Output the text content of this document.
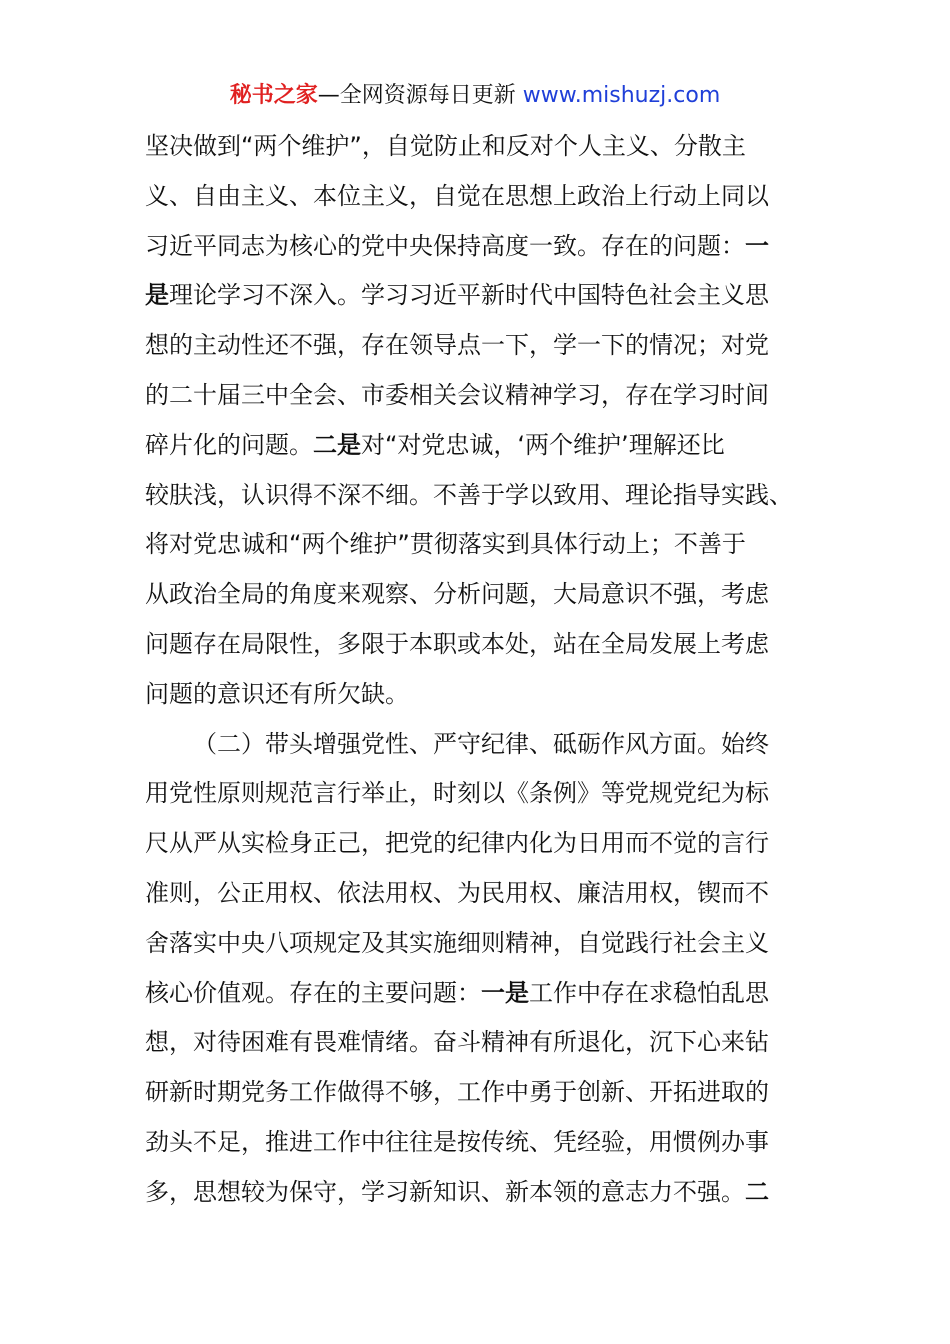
秘书之家—全网资源每日更新 www.mishuzj.com
坚决做到“两个维护”，自觉防止和反对个人主义、分散主
义、自由主义、本位主义，自觉在思想上政治上行动上同以
习近平同志为核心的党中央保持高度一致。存在的问题：一
是理论学习不深入。学习习近平新时代中国特色社会主义思
想的主动性还不强，存在领导点一下，学一下的情况；对党
的二十届三中全会、市委相关会议精神学习，存在学习时间
碎片化的问题。二是对“对党忠诚，‘两个维护’理解还比
较肤浅，认识得不深不细。不善于学以致用、理论指导实践、
将对党忠诚和“两个维护”贯彻落实到具体行动上；不善于
从政治全局的角度来观察、分析问题，大局意识不强，考虑
问题存在局限性，多限于本职或本处，站在全局发展上考虑
问题的意识还有所欠缺。
（二）带头增强党性、严守纪律、砥砺作风方面。始终
用党性原则规范言行举止，时刻以《条例》等党规党纪为标
尺从严从实检身正己，把党的纪律内化为日用而不觉的言行
准则，公正用权、依法用权、为民用权、廉洁用权，锲而不
舍落实中央八项规定及其实施细则精神，自觉践行社会主义
核心价值观。存在的主要问题：一是工作中存在求稳怕乱思
想，对待困难有畏难情绪。奋斗精神有所退化，沉下心来钻
研新时期党务工作做得不够，工作中勇于创新、开拓进取的
劲头不足，推进工作中往往是按传统、凭经验，用惯例办事
多，思想较为保守，学习新知识、新本领的意志力不强。二
